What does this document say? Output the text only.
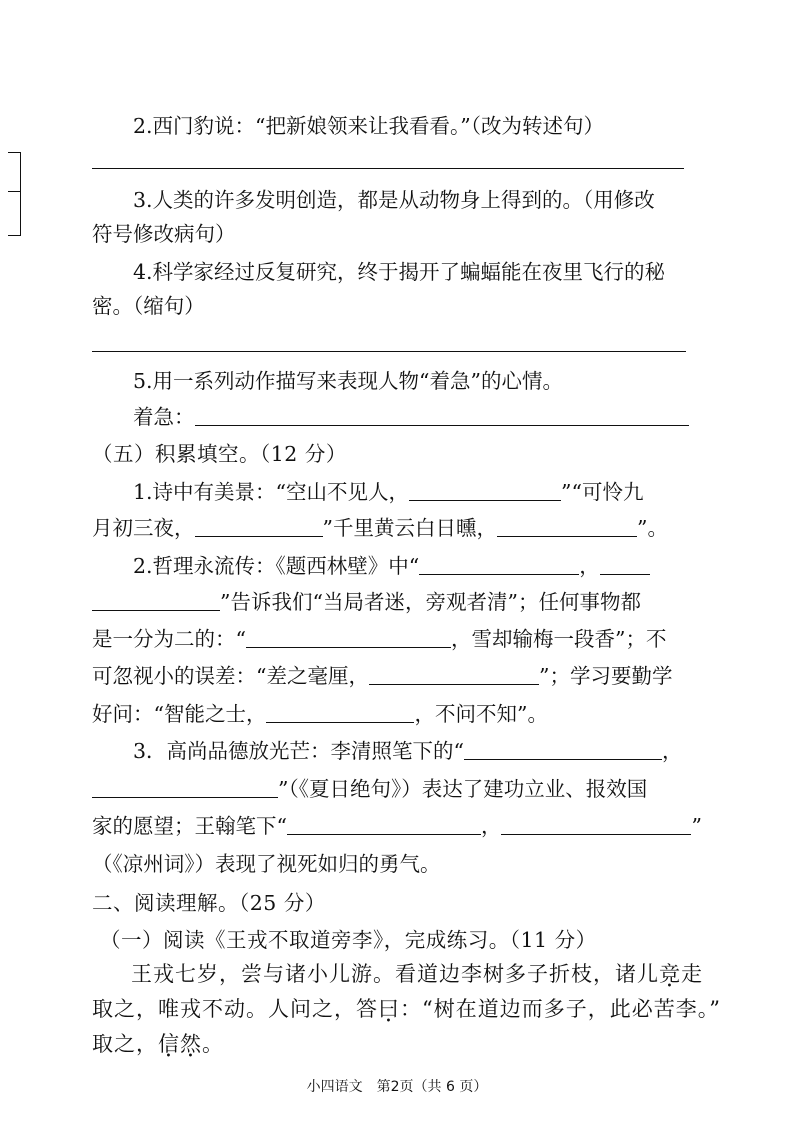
2.西门豹说：“把新娘领来让我看看。”（改为转述句）
3.人类的许多发明创造，都是从动物身上得到的。（用修改
符号修改病句）
4.科学家经过反复研究，终于揭开了蝙蝠能在夜里飞行的秘
密。（缩句）
5.用一系列动作描写来表现人物“着急”的心情。
着急：
（五）积累填空。（12 分）
1.诗中有美景：“空山不见人，	”“可怜九
月初三夜，	”千里黄云白日曛，	”。
2.哲理永流传：《题西林壁》中“	，
”告诉我们“当局者迷，旁观者清”；任何事物都
是一分为二的：“	，雪却输梅一段香”；不
可忽视小的误差：“差之毫厘，	”；学习要勤学
好问：“智能之士，	，不问不知”。
3．高尚品德放光芒：李清照笔下的“	，
”（《夏日绝句》）表达了建功立业、报效国
家的愿望；王翰笔下“	，	”
（《凉州词》）表现了视死如归的勇气。
二、阅读理解。（25 分）
（一）阅读《王戎不取道旁李》，完成练习。（11 分）
王戎七岁，尝与诸小儿游。看道边李树多子折枝，诸儿竞走
取之，唯戎不动。人问之，答曰：“树在道边而多子，此必苦李。”
取之，信然。
小四语文　第2页（共 6 页）
